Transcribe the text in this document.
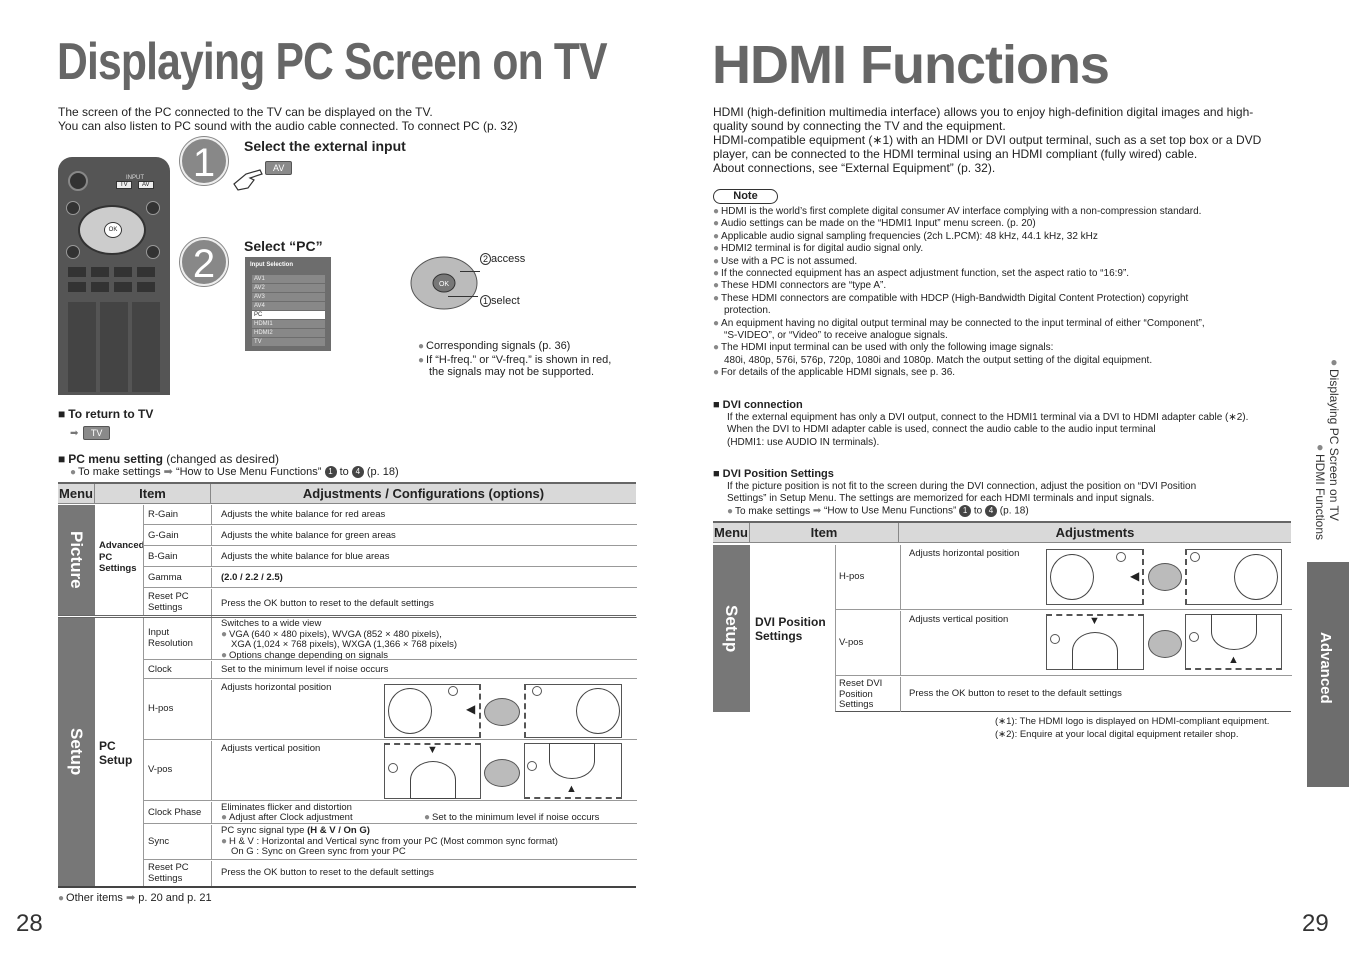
Displaying PC Screen on TV
The screen of the PC connected to the TV can be displayed on the TV.
You can also listen to PC sound with the audio cable connected. To connect PC (p. 32)
INPUT
TV	AV
OK
1	Select the external input
AV
2	Select “PC”
Input Selection
AV1
AV2
AV3
AV4
PC
HDMI1
HDMI2
TV
OK
2 access
1 select
● Corresponding signals (p. 36)
● If “H-freq.” or “V-freq.” is shown in red,
the signals may not be supported.
■ To return to TV
➡ TV
■ PC menu setting (changed as desired)
● To make settings ➡ “How to Use Menu Functions” 1 to 4 (p. 18)
Menu	Item	Adjustments / Configurations (options)
Picture	Advanced PC Settings
R-Gain	Adjusts the white balance for red areas
G-Gain	Adjusts the white balance for green areas
B-Gain	Adjusts the white balance for blue areas
Gamma	(2.0 / 2.2 / 2.5)
Reset PC Settings	Press the OK button to reset to the default settings
Setup	PC Setup
Input Resolution
Switches to a wide view
● VGA (640 × 480 pixels), WVGA (852 × 480 pixels),
XGA (1,024 × 768 pixels), WXGA (1,366 × 768 pixels)
● Options change depending on signals
Clock	Set to the minimum level if noise occurs
H-pos
Adjusts horizontal position
◀
V-pos
Adjusts vertical position	▼
▲
Clock Phase Eliminates flicker and distortion
● Adjust after Clock adjustment
●	Set to the minimum level if noise occurs
Sync
PC sync signal type (H & V / On G)
● H & V : Horizontal and Vertical sync from your PC (Most common sync format)
On G : Sync on Green sync from your PC
Reset PC Settings	Press the OK button to reset to the default settings
● Other items ➡ p. 20 and p. 21
28
HDMI Functions
HDMI (high-definition multimedia interface) allows you to enjoy high-definition digital images and high-
quality sound by connecting the TV and the equipment.
HDMI-compatible equipment (∗1) with an HDMI or DVI output terminal, such as a set top box or a DVD
player, can be connected to the HDMI terminal using an HDMI compliant (fully wired) cable.
About connections, see “External Equipment” (p. 32).
Note
● HDMI is the world’s first complete digital consumer AV interface complying with a non-compression standard.
● Audio settings can be made on the “HDMI1 Input” menu screen. (p. 20)
● Applicable audio signal sampling frequencies (2ch L.PCM): 48 kHz, 44.1 kHz, 32 kHz
● HDMI2 terminal is for digital audio signal only.
● Use with a PC is not assumed.
● If the connected equipment has an aspect adjustment function, set the aspect ratio to “16:9”.
● These HDMI connectors are “type A”.
● These HDMI connectors are compatible with HDCP (High-Bandwidth Digital Content Protection) copyright
protection.
● An equipment having no digital output terminal may be connected to the input terminal of either “Component”,
“S-VIDEO”, or “Video” to receive analogue signals.
● The HDMI input terminal can be used with only the following image signals:
480i, 480p, 576i, 576p, 720p, 1080i and 1080p. Match the output setting of the digital equipment.
● For details of the applicable HDMI signals, see p. 36.
■ DVI connection
If the external equipment has only a DVI output, connect to the HDMI1 terminal via a DVI to HDMI adapter cable (∗2).
When the DVI to HDMI adapter cable is used, connect the audio cable to the audio input terminal
(HDMI1: use AUDIO IN terminals).
■ DVI Position Settings
If the picture position is not fit to the screen during the DVI connection, adjust the position on “DVI Position
Settings” in Setup Menu. The settings are memorized for each HDMI terminals and input signals.
● To make settings ➡ “How to Use Menu Functions” 1 to 4 (p. 18)
Menu	Item	Adjustments
Setup	DVI Position Settings
H-pos
Adjusts horizontal position
◀
V-pos
Adjusts vertical position	▼
▲
Reset DVI Position Settings
Press the OK button to reset to the default settings
(∗1): The HDMI logo is displayed on HDMI-compliant equipment.
(∗2): Enquire at your local digital equipment retailer shop.
●Displaying PC Screen on TV
●HDMI Functions
Advanced
29
